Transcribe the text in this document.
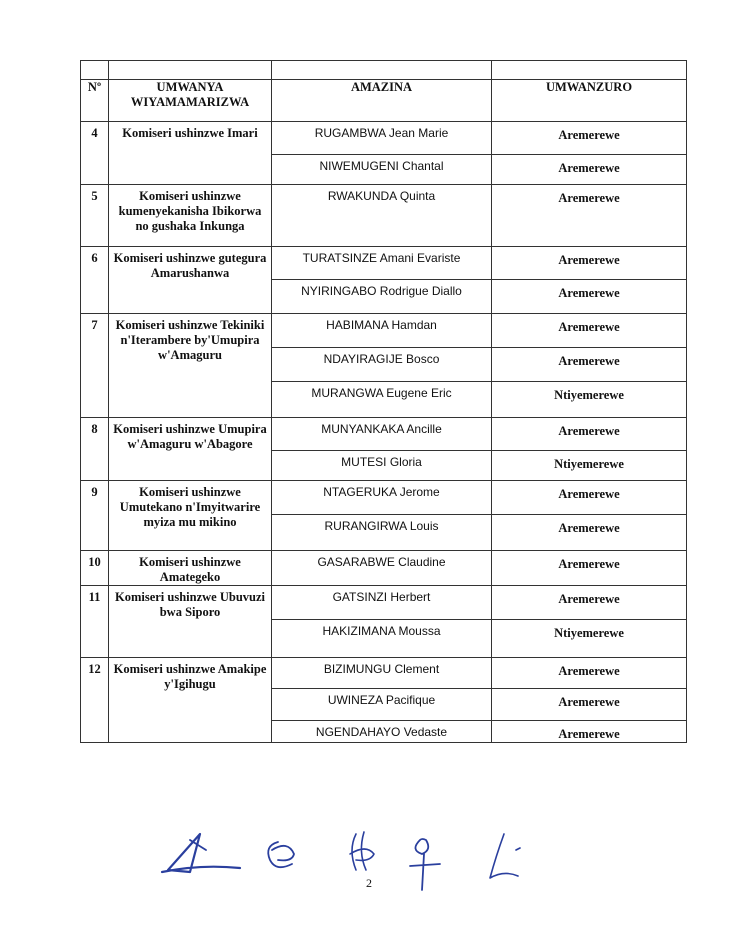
Nº	UMWANYA WIYAMAMARIZWA	AMAZINA	UMWANZURO
4	Komiseri ushinzwe Imari	RUGAMBWA Jean Marie	Aremerewe
		NIWEMUGENI Chantal	Aremerewe
5	Komiseri ushinzwe kumenyekanisha Ibikorwa no gushaka Inkunga	RWAKUNDA Quinta	Aremerewe
6	Komiseri ushinzwe gutegura Amarushanwa	TURATSINZE Amani Evariste	Aremerewe
		NYIRINGABO Rodrigue Diallo	Aremerewe
7	Komiseri ushinzwe Tekiniki n'Iterambere by'Umupira w'Amaguru	HABIMANA Hamdan	Aremerewe
		NDAYIRAGIJE Bosco	Aremerewe
		MURANGWA Eugene Eric	Ntiyemerewe
8	Komiseri ushinzwe Umupira w'Amaguru w'Abagore	MUNYANKAKA Ancille	Aremerewe
		MUTESI Gloria	Ntiyemerewe
9	Komiseri ushinzwe Umutekano n'Imyitwarire myiza mu mikino	NTAGERUKA Jerome	Aremerewe
		RURANGIRWA Louis	Aremerewe
10	Komiseri ushinzwe Amategeko	GASARABWE Claudine	Aremerewe
11	Komiseri ushinzwe Ubuvuzi bwa Siporo	GATSINZI Herbert	Aremerewe
		HAKIZIMANA Moussa	Ntiyemerewe
12	Komiseri ushinzwe Amakipe y'Igihugu	BIZIMUNGU Clement	Aremerewe
		UWINEZA Pacifique	Aremerewe
		NGENDAHAYO Vedaste	Aremerewe
2
